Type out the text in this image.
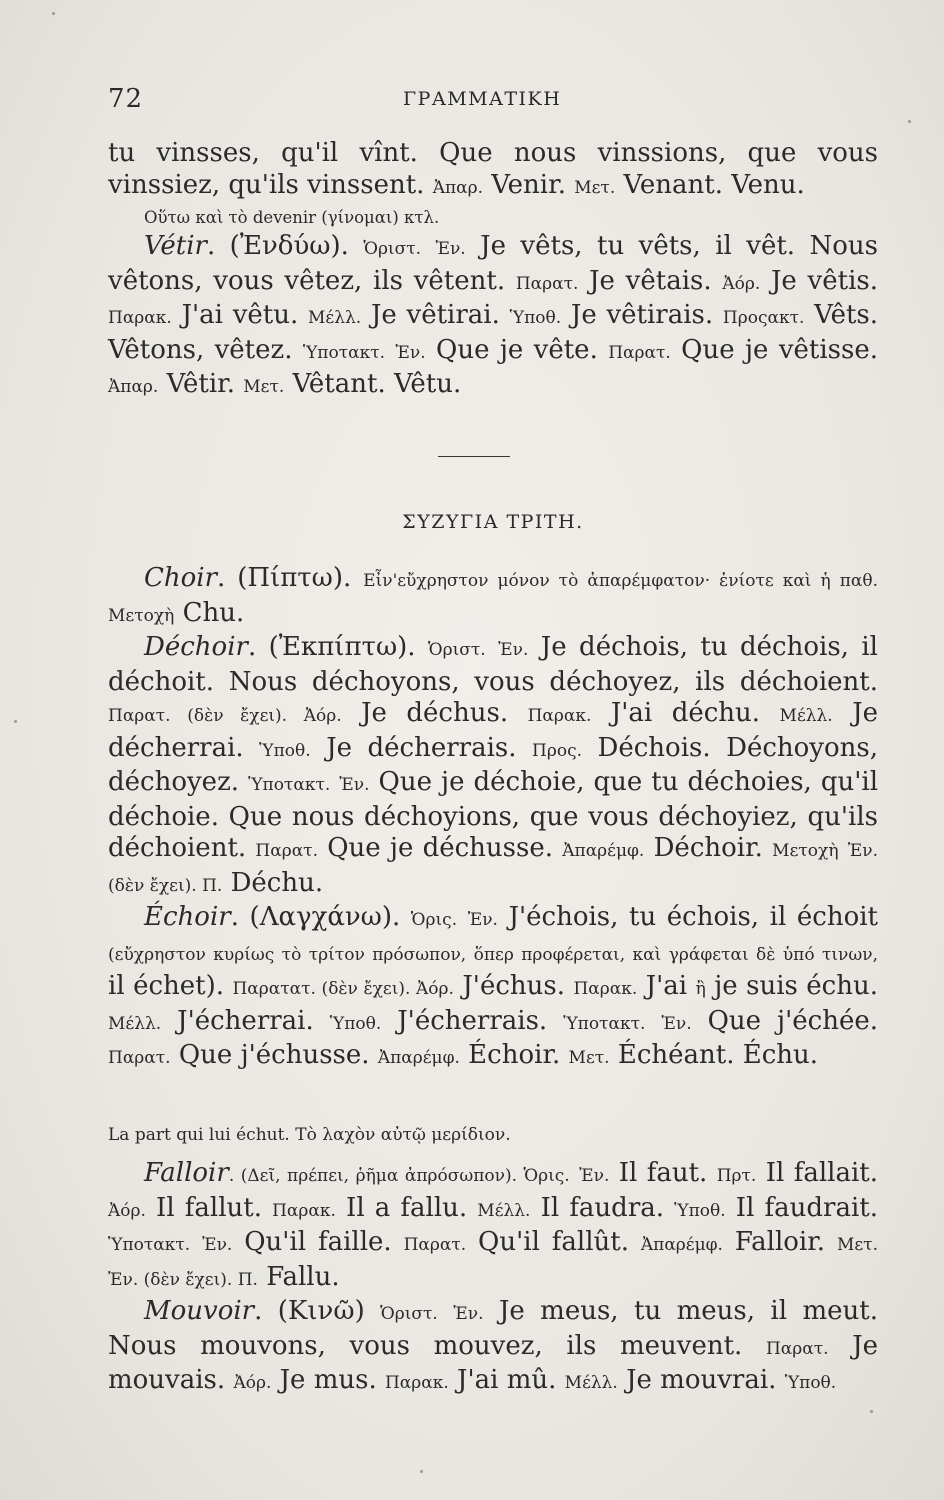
72	ΓΡΑΜΜΑΤΙΚΗ

tu vinsses, qu'il vînt. Que nous vinssions, que vous vinssiez, qu'ils vinssent. Ἀπαρ. Venir. Μετ. Venant. Venu.

Οὕτω καὶ τὸ devenir (γίνομαι) κτλ.

Vétir. (Ἐνδύω). Ὁριστ. Ἐν. Je vêts, tu vêts, il vêt. Nous vêtons, vous vêtez, ils vêtent. Παρατ. Je vêtais. Ἀόρ. Je vêtis. Παρακ. J'ai vêtu. Μέλλ. Je vêtirai. Ὑποθ. Je vêtirais. Προςακτ. Vêts. Vêtons, vêtez. Ὑποτακτ. Ἐν. Que je vête. Παρατ. Que je vêtisse. Ἀπαρ. Vêtir. Μετ. Vêtant. Vêtu.

ΣΥΖΥΓΙΑ ΤΡΙΤΗ.

Choir. (Πίπτω). Εἶν'εὔχρηστον μόνον τὸ ἀπαρέμφατον· ἐνίοτε καὶ ἡ παθ. Μετοχὴ Chu.

Déchoir. (Ἐκπίπτω). Ὁριστ. Ἐν. Je déchois, tu déchois, il déchoit. Nous déchoyons, vous déchoyez, ils déchoient. Παρατ. (δὲν ἔχει). Ἀόρ. Je déchus. Παρακ. J'ai déchu. Μέλλ. Je décherrai. Ὑποθ. Je décherrais. Προς. Déchois. Déchoyons, déchoyez. Ὑποτακτ. Ἐν. Que je déchoie, que tu déchoies, qu'il déchoie. Que nous déchoyions, que vous déchoyiez, qu'ils déchoient. Παρατ. Que je déchusse. Ἀπαρέμφ. Déchoir. Μετοχὴ Ἐν. (δὲν ἔχει). Π. Déchu.

Échoir. (Λαγχάνω). Ὁρις. Ἐν. J'échois, tu échois, il échoit (εὔχρηστον κυρίως τὸ τρίτον πρόσωπον, ὅπερ προφέρεται, καὶ γράφεται δὲ ὑπό τινων, il échet). Παρατατ. (δὲν ἔχει). Ἀόρ. J'échus. Παρακ. J'ai ἢ je suis échu. Μέλλ. J'écherrai. Ὑποθ. J'écherrais. Ὑποτακτ. Ἐν. Que j'échée. Παρατ. Que j'échusse. Ἀπαρέμφ. Échoir. Μετ. Échéant. Échu.

La part qui lui échut. Τὸ λαχὸν αὐτῷ μερίδιον.

Falloir. (Δεῖ, πρέπει, ῥῆμα ἀπρόσωπον). Ὁρις. Ἐν. Il faut. Πρτ. Il fallait. Ἀόρ. Il fallut. Παρακ. Il a fallu. Μέλλ. Il faudra. Ὑποθ. Il faudrait. Ὑποτακτ. Ἐν. Qu'il faille. Παρατ. Qu'il fallût. Ἀπαρέμφ. Falloir. Μετ. Ἐν. (δὲν ἔχει). Π. Fallu.

Mouvoir. (Κινῶ) Ὁριστ. Ἐν. Je meus, tu meus, il meut. Nous mouvons, vous mouvez, ils meuvent. Παρατ. Je mouvais. Ἀόρ. Je mus. Παρακ. J'ai mû. Μέλλ. Je mouvrai. Ὑποθ.
